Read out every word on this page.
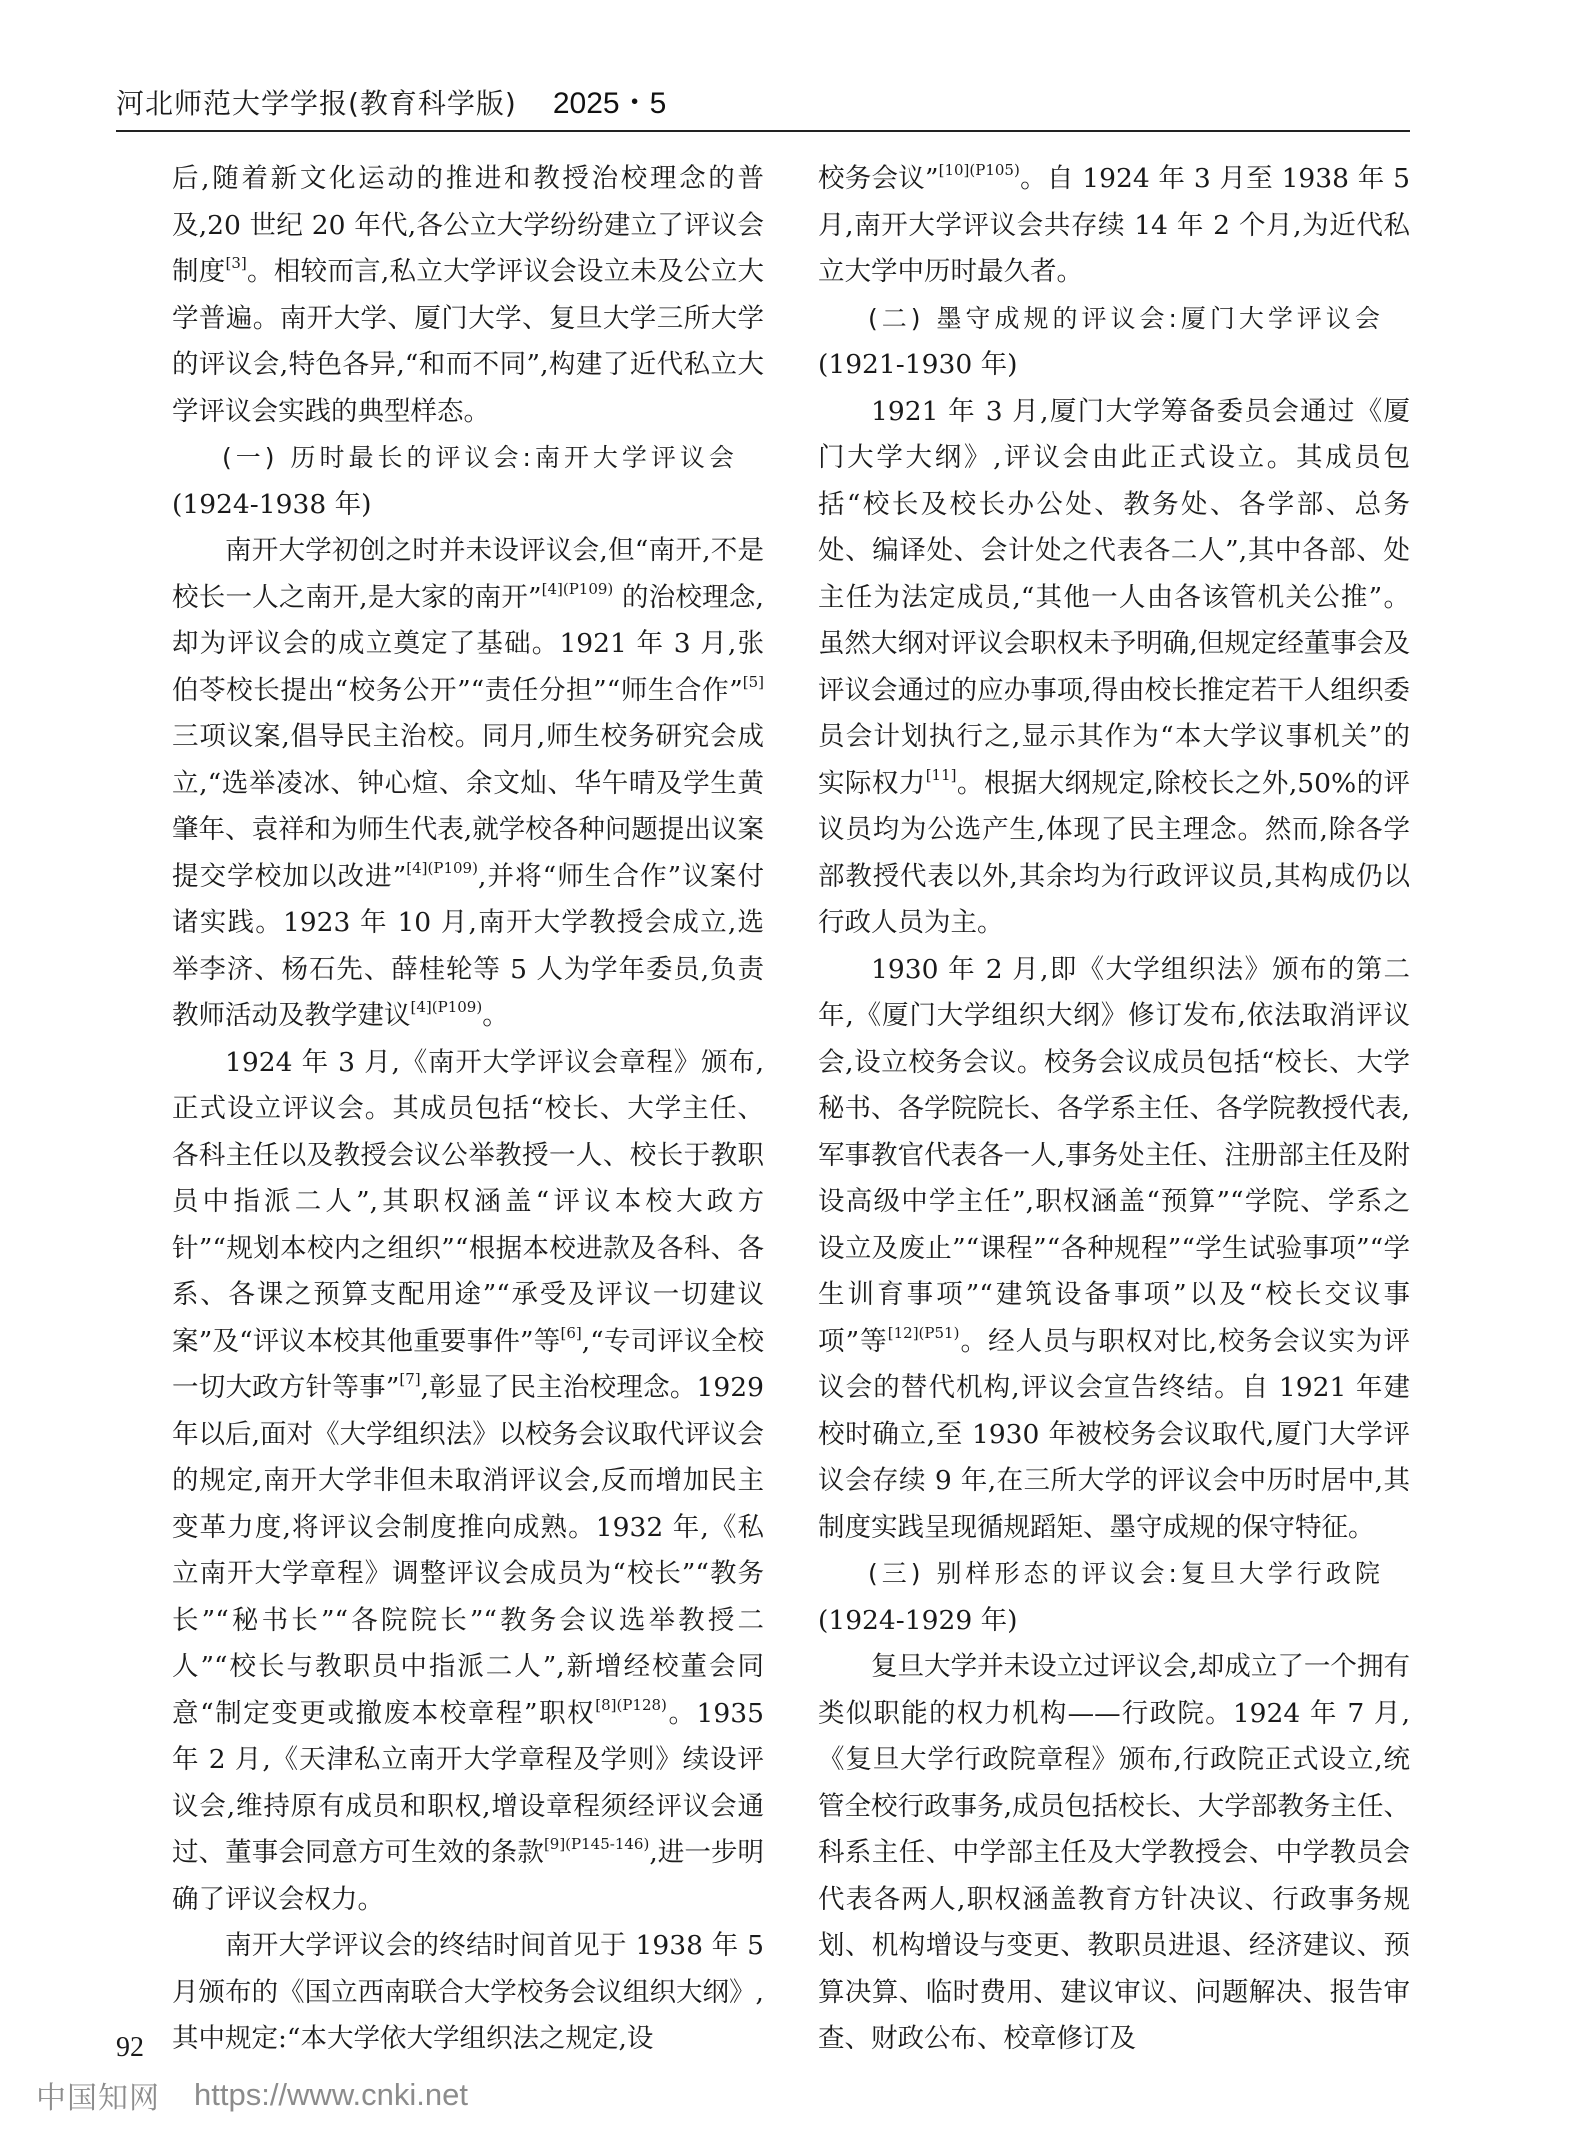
河北师范大学学报(教育科学版) 2025・5

后,随着新文化运动的推进和教授治校理念的普及,20 世纪 20 年代,各公立大学纷纷建立了评议会制度[3]。相较而言,私立大学评议会设立未及公立大学普遍。南开大学、厦门大学、复旦大学三所大学的评议会,特色各异,“和而不同”,构建了近代私立大学评议会实践的典型样态。

(一) 历时最长的评议会:南开大学评议会

(1924-1938 年)

南开大学初创之时并未设评议会,但“南开,不是校长一人之南开,是大家的南开”$^{[4](P109)}$ 的治校理念,却为评议会的成立奠定了基础。1921 年 3 月,张伯苓校长提出“校务公开”“责任分担”“师生合作”[5] 三项议案,倡导民主治校。同月,师生校务研究会成立,“选举凌冰、钟心煊、余文灿、华午晴及学生黄肇年、袁祥和为师生代表,就学校各种问题提出议案提交学校加以改进”$^{[4](P109)}$,并将“师生合作”议案付诸实践。1923 年 10 月,南开大学教授会成立,选举李济、杨石先、薛桂轮等 5 人为学年委员,负责教师活动及教学建议$^{[4](P109)}$。

1924 年 3 月,《南开大学评议会章程》颁布,正式设立评议会。其成员包括“校长、大学主任、各科主任以及教授会议公举教授一人、校长于教职员中指派二人”,其职权涵盖“评议本校大政方针”“规划本校内之组织”“根据本校进款及各科、各系、各课之预算支配用途”“承受及评议一切建议案”及“评议本校其他重要事件”等[6],“专司评议全校一切大政方针等事”[7],彰显了民主治校理念。1929 年以后,面对《大学组织法》以校务会议取代评议会的规定,南开大学非但未取消评议会,反而增加民主变革力度,将评议会制度推向成熟。1932 年,《私立南开大学章程》调整评议会成员为“校长”“教务长”“秘书长”“各院院长”“教务会议选举教授二人”“校长与教职员中指派二人”,新增经校董会同意“制定变更或撤废本校章程”职权$^{[8](P128)}$。1935 年 2 月,《天津私立南开大学章程及学则》续设评议会,维持原有成员和职权,增设章程须经评议会通过、董事会同意方可生效的条款$^{[9](P145-146)}$,进一步明确了评议会权力。

南开大学评议会的终结时间首见于 1938 年 5 月颁布的《国立西南联合大学校务会议组织大纲》,其中规定:“本大学依大学组织法之规定,设

校务会议”$^{[10](P105)}$。自 1924 年 3 月至 1938 年 5 月,南开大学评议会共存续 14 年 2 个月,为近代私立大学中历时最久者。

(二) 墨守成规的评议会:厦门大学评议会

(1921-1930 年)

1921 年 3 月,厦门大学筹备委员会通过《厦门大学大纲》,评议会由此正式设立。其成员包括“校长及校长办公处、教务处、各学部、总务处、编译处、会计处之代表各二人”,其中各部、处主任为法定成员,“其他一人由各该管机关公推”。虽然大纲对评议会职权未予明确,但规定经董事会及评议会通过的应办事项,得由校长推定若干人组织委员会计划执行之,显示其作为“本大学议事机关”的实际权力[11]。根据大纲规定,除校长之外,50%的评议员均为公选产生,体现了民主理念。然而,除各学部教授代表以外,其余均为行政评议员,其构成仍以行政人员为主。

1930 年 2 月,即《大学组织法》颁布的第二年,《厦门大学组织大纲》修订发布,依法取消评议会,设立校务会议。校务会议成员包括“校长、大学秘书、各学院院长、各学系主任、各学院教授代表,军事教官代表各一人,事务处主任、注册部主任及附设高级中学主任”,职权涵盖“预算”“学院、学系之设立及废止”“课程”“各种规程”“学生试验事项”“学生训育事项”“建筑设备事项”以及“校长交议事项”等$^{[12](P51)}$。经人员与职权对比,校务会议实为评议会的替代机构,评议会宣告终结。自 1921 年建校时确立,至 1930 年被校务会议取代,厦门大学评议会存续 9 年,在三所大学的评议会中历时居中,其制度实践呈现循规蹈矩、墨守成规的保守特征。

(三) 别样形态的评议会:复旦大学行政院

(1924-1929 年)

复旦大学并未设立过评议会,却成立了一个拥有类似职能的权力机构——行政院。1924 年 7 月,《复旦大学行政院章程》颁布,行政院正式设立,统管全校行政事务,成员包括校长、大学部教务主任、科系主任、中学部主任及大学教授会、中学教员会代表各两人,职权涵盖教育方针决议、行政事务规划、机构增设与变更、教职员进退、经济建议、预算决算、临时费用、建议审议、问题解决、报告审查、财政公布、校章修订及

92
中国知网 https://www.cnki.net
